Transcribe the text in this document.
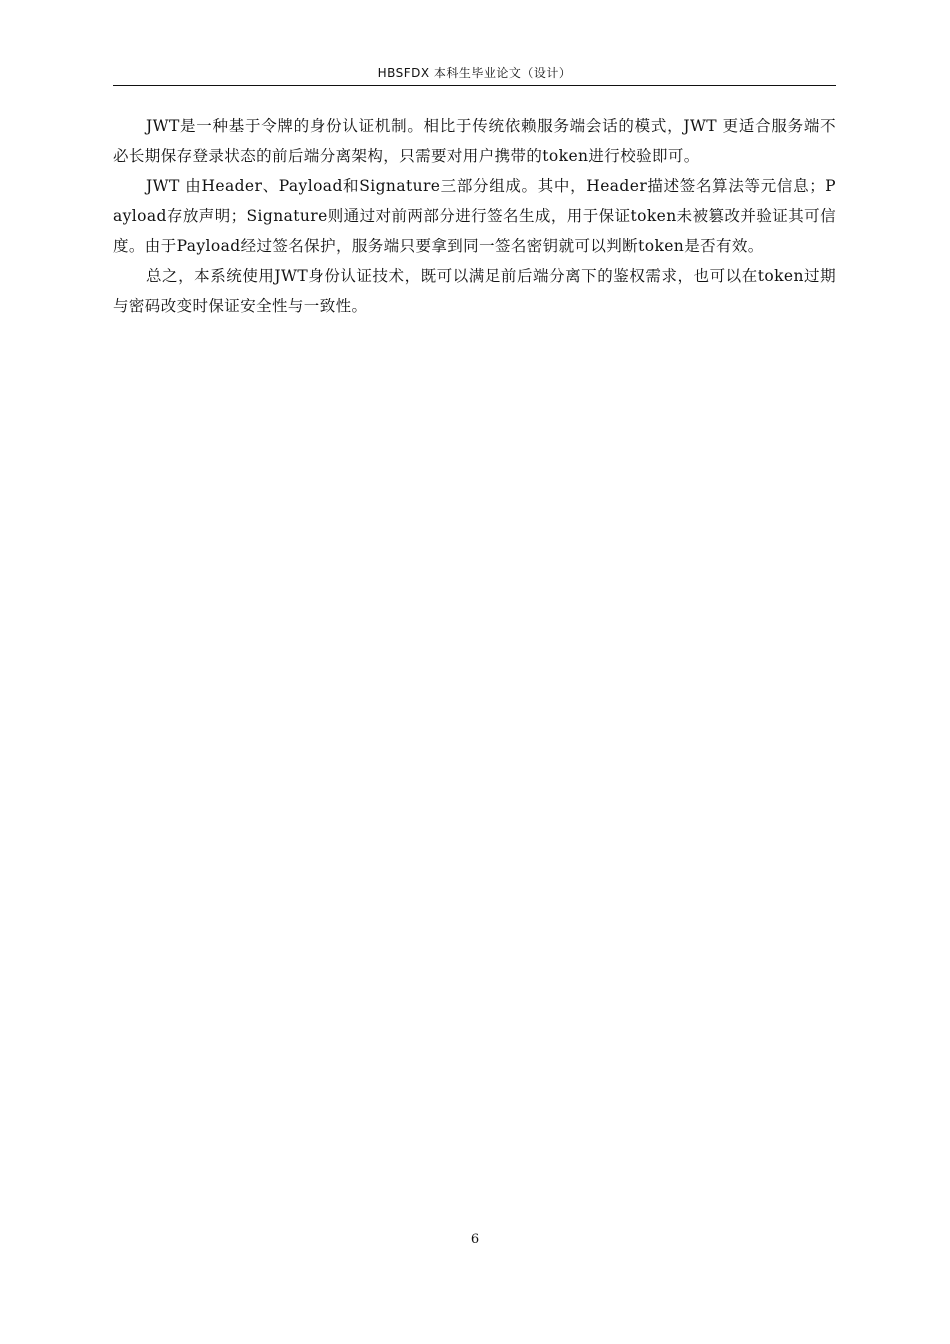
HBSFDX 本科生毕业论文（设计）

JWT是一种基于令牌的身份认证机制。相比于传统依赖服务端会话的模式，JWT 更适合服务端不必长期保存登录状态的前后端分离架构，只需要对用户携带的token进行校验即可。

JWT 由Header、Payload和Signature三部分组成。其中，Header描述签名算法等元信息；Payload存放声明；Signature则通过对前两部分进行签名生成，用于保证token未被篡改并验证其可信度。由于Payload经过签名保护，服务端只要拿到同一签名密钥就可以判断token是否有效。

总之，本系统使用JWT身份认证技术，既可以满足前后端分离下的鉴权需求，也可以在token过期与密码改变时保证安全性与一致性。

6
